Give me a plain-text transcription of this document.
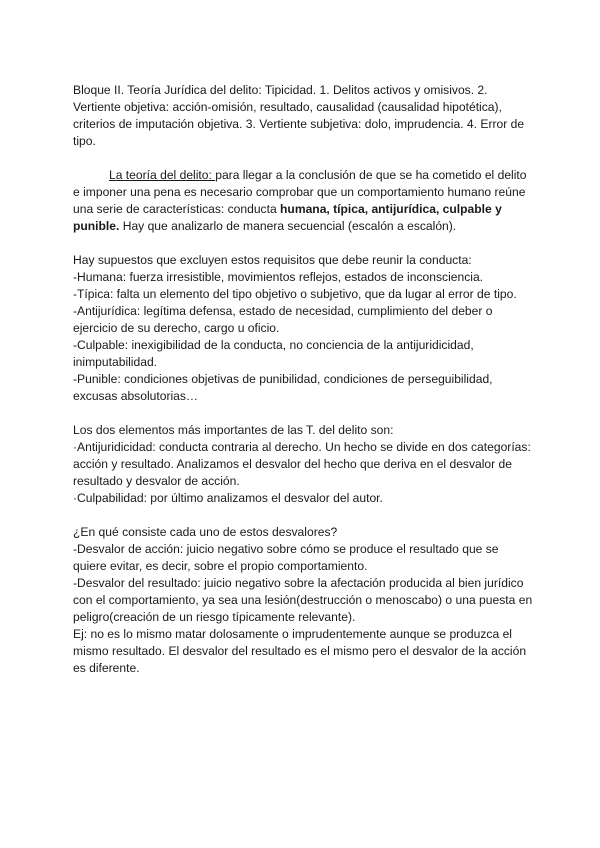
Bloque II. Teoría Jurídica del delito: Tipicidad. 1. Delitos activos y omisivos. 2. Vertiente objetiva: acción-omisión, resultado, causalidad (causalidad hipotética), criterios de imputación objetiva. 3. Vertiente subjetiva: dolo, imprudencia. 4. Error de tipo.

La teoría del delito: para llegar a la conclusión de que se ha cometido el delito e imponer una pena es necesario comprobar que un comportamiento humano reúne una serie de características: conducta humana, típica, antijurídica, culpable y punible. Hay que analizarlo de manera secuencial (escalón a escalón).

Hay supuestos que excluyen estos requisitos que debe reunir la conducta:

-Humana: fuerza irresistible, movimientos reflejos, estados de inconsciencia.

-Típica: falta un elemento del tipo objetivo o subjetivo, que da lugar al error de tipo.

-Antijurídica: legítima defensa, estado de necesidad, cumplimiento del deber o ejercicio de su derecho, cargo u oficio.

-Culpable: inexigibilidad de la conducta, no conciencia de la antijuridicidad, inimputabilidad.

-Punible: condiciones objetivas de punibilidad, condiciones de perseguibilidad, excusas absolutorias…

Los dos elementos más importantes de las T. del delito son:

·Antijuridicidad: conducta contraria al derecho. Un hecho se divide en dos categorías: acción y resultado. Analizamos el desvalor del hecho que deriva en el desvalor de resultado y desvalor de acción.

·Culpabilidad: por último analizamos el desvalor del autor.

¿En qué consiste cada uno de estos desvalores?

-Desvalor de acción: juicio negativo sobre cómo se produce el resultado que se quiere evitar, es decir, sobre el propio comportamiento.

-Desvalor del resultado: juicio negativo sobre la afectación producida al bien jurídico con el comportamiento, ya sea una lesión(destrucción o menoscabo) o una puesta en peligro(creación de un riesgo típicamente relevante).

Ej: no es lo mismo matar dolosamente o imprudentemente aunque se produzca el mismo resultado. El desvalor del resultado es el mismo pero el desvalor de la acción es diferente.
